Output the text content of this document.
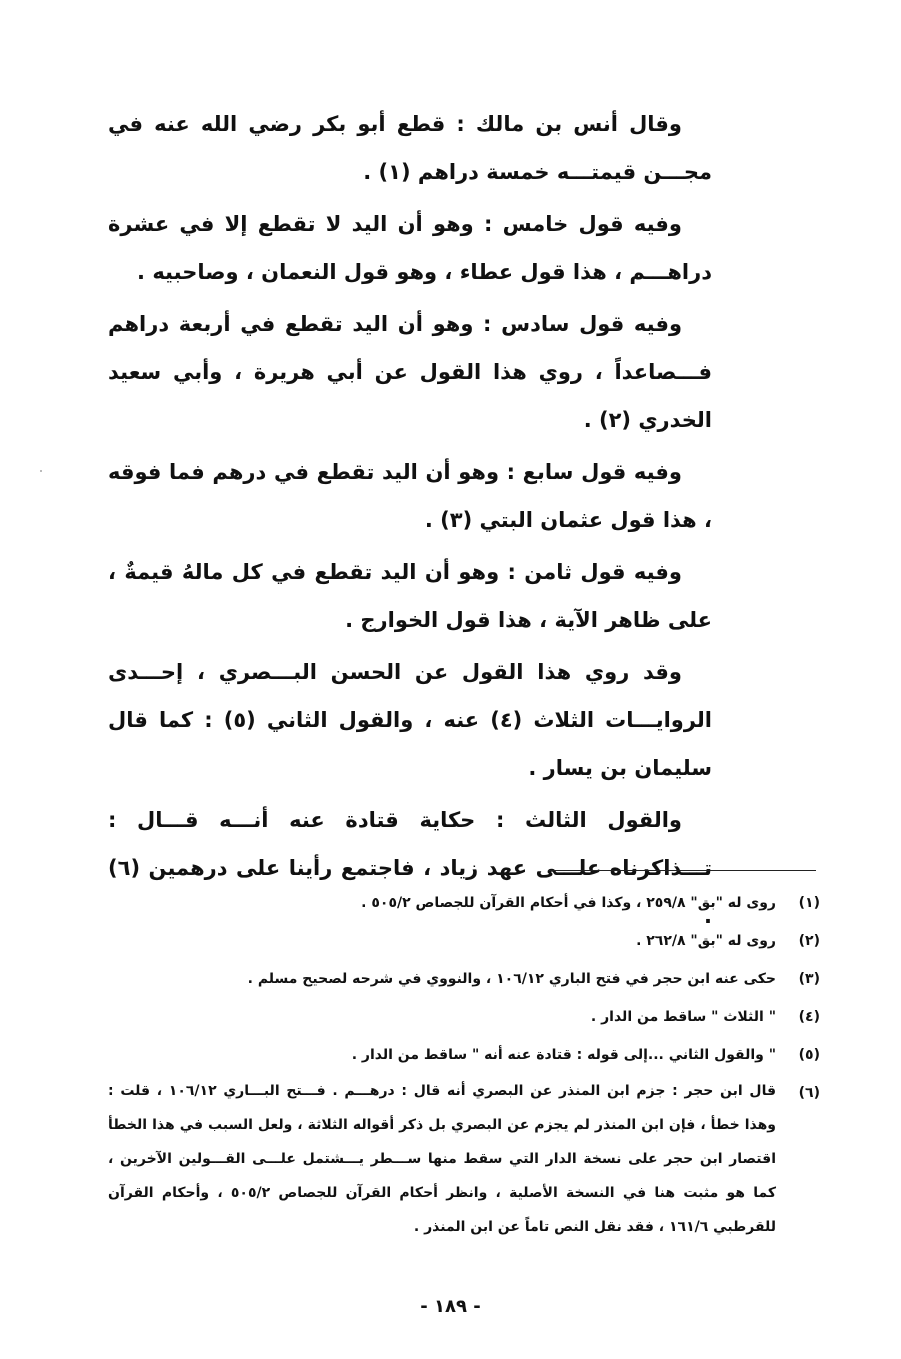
وقال أنس بن مالك : قطع أبو بكر رضي الله عنه في مجـــن قيمتـــه خمسة دراهم (١) .

وفيه قول خامس : وهو أن اليد لا تقطع إلا في عشرة دراهـــم ، هذا قول عطاء ، وهو قول النعمان ، وصاحبيه .

وفيه قول سادس : وهو أن اليد تقطع في أربعة دراهم فـــصاعداً ، روي هذا القول عن أبي هريرة ، وأبي سعيد الخدري (٢) .

وفيه قول سابع : وهو أن اليد تقطع في درهم فما فوقه ، هذا قول عثمان البتي (٣) .

وفيه قول ثامن : وهو أن اليد تقطع في كل مالهُ قيمةٌ ، على ظاهر الآية ، هذا قول الخوارج .

وقد روي هذا القول عن الحسن البـــصري ، إحـــدى الروايـــات الثلاث (٤) عنه ، والقول الثاني (٥) : كما قال سليمان بن يسار .

والقول الثالث : حكاية قتادة عنه أنـــه قـــال : تـــذاكرناه علـــى عهد زياد ، فاجتمع رأينا على درهمين (٦) .

(١)
روى له "بق" ٢٥٩/٨ ، وكذا في أحكام القرآن للجصاص ٥٠٥/٢ .
(٢)
روى له "بق" ٢٦٢/٨ .
(٣)
حكى عنه ابن حجر في فتح الباري ١٠٦/١٢ ، والنووي في شرحه لصحيح مسلم .
(٤)
" الثلاث " ساقط من الدار .
(٥)
" والقول الثاني ...إلى قوله : قتادة عنه أنه " ساقط من الدار .
(٦)
قال ابن حجر : جزم ابن المنذر عن البصري أنه قال : درهـــم . فـــتح البـــاري ١٠٦/١٢ ، قلت : وهذا خطأ ، فإن ابن المنذر لم يجزم عن البصري بل ذكر أقواله الثلاثة ، ولعل السبب في هذا الخطأ اقتصار ابن حجر على نسخة الدار التي سقط منها ســـطر يـــشتمل علـــى القـــولين الآخرين ، كما هو مثبت هنا في النسخة الأصلية ، وانظر أحكام القرآن للجصاص ٥٠٥/٢ ، وأحكام القرآن للقرطبي ١٦١/٦ ، فقد نقل النص تاماً عن ابن المنذر .
- ١٨٩ -
